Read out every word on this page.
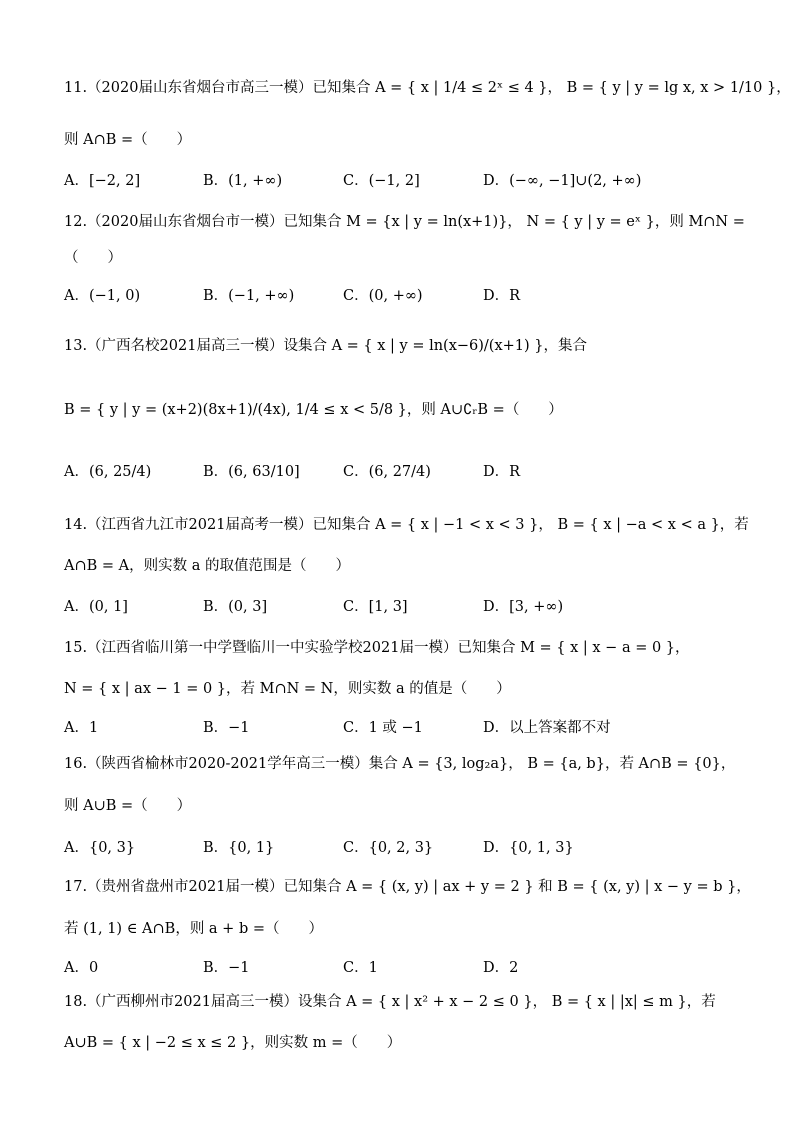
11.（2020届山东省烟台市高三一模）已知集合 A = { x | 1/4 ≤ 2ˣ ≤ 4 }， B = { y | y = lg x, x > 1/10 }，
则 A∩B =（　　）
A．[−2, 2]	B．(1, +∞)	C．(−1, 2]	D．(−∞, −1]∪(2, +∞)
12.（2020届山东省烟台市一模）已知集合 M = {x | y = ln(x+1)}， N = { y | y = eˣ }，则 M∩N =
（　　）
A．(−1, 0)	B．(−1, +∞)	C．(0, +∞)	D．R
13.（广西名校2021届高三一模）设集合 A = { x | y = ln(x−6)/(x+1) }，集合
B = { y | y = (x+2)(8x+1)/(4x), 1/4 ≤ x < 5/8 }，则 A∪∁ᵣB =（　　）
A．(6, 25/4)	B．(6, 63/10]	C．(6, 27/4)	D．R
14.（江西省九江市2021届高考一模）已知集合 A = { x | −1 < x < 3 }， B = { x | −a < x < a }，若
A∩B = A，则实数 a 的取值范围是（　　）
A．(0, 1]	B．(0, 3]	C．[1, 3]	D．[3, +∞)
15.（江西省临川第一中学暨临川一中实验学校2021届一模）已知集合 M = { x | x − a = 0 }，
N = { x | ax − 1 = 0 }，若 M∩N = N，则实数 a 的值是（　　）
A．1	B．−1	C．1 或 −1	D．以上答案都不对
16.（陕西省榆林市2020-2021学年高三一模）集合 A = {3, log₂a}， B = {a, b}，若 A∩B = {0}，
则 A∪B =（　　）
A．{0, 3}	B．{0, 1}	C．{0, 2, 3}	D．{0, 1, 3}
17.（贵州省盘州市2021届一模）已知集合 A = { (x, y) | ax + y = 2 } 和 B = { (x, y) | x − y = b }，
若 (1, 1) ∈ A∩B，则 a + b =（　　）
A．0	B．−1	C．1	D．2
18.（广西柳州市2021届高三一模）设集合 A = { x | x² + x − 2 ≤ 0 }， B = { x | |x| ≤ m }，若
A∪B = { x | −2 ≤ x ≤ 2 }，则实数 m =（　　）
